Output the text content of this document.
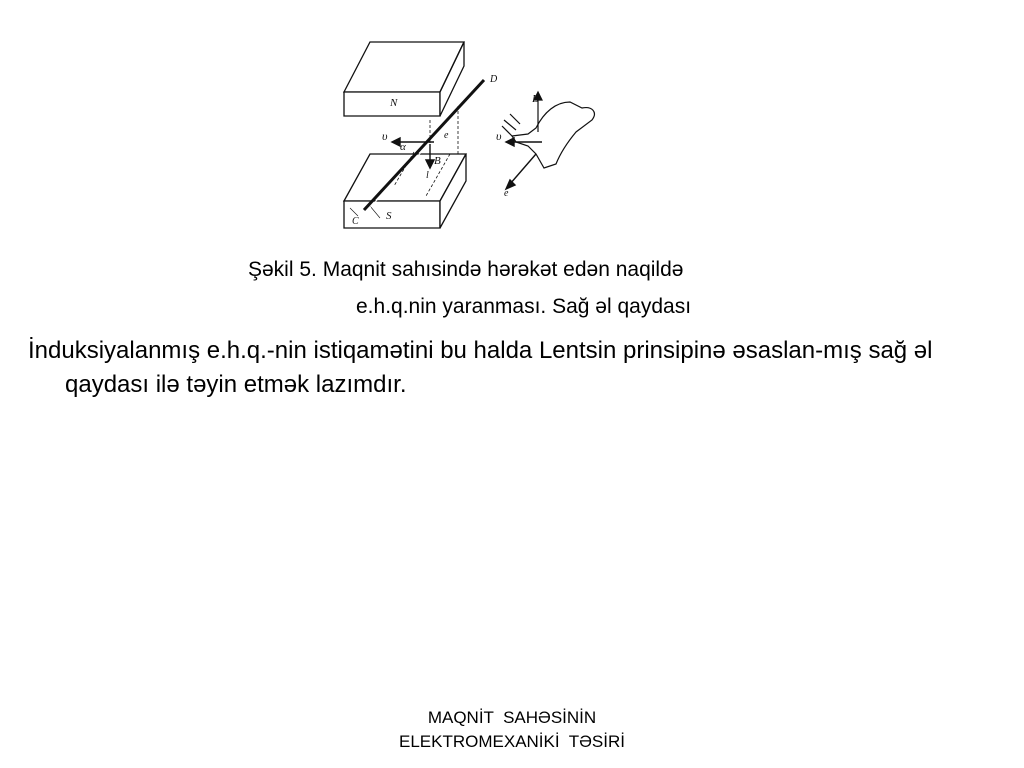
N
S
D
C
υ
B
e
α
l
B
υ
e
Şəkil 5. Maqnit sahısində hərəkət edən naqildə
e.h.q.nin yaranması. Sağ əl qaydası
İnduksiyalanmış e.h.q.-nin istiqamətini bu halda Lentsin prinsipinə əsaslan-mış sağ əl qaydası ilə təyin etmək lazımdır.
MAQNİT  SAHƏSİNİN
ELEKTROMEXANİKİ  TƏSİRİ
